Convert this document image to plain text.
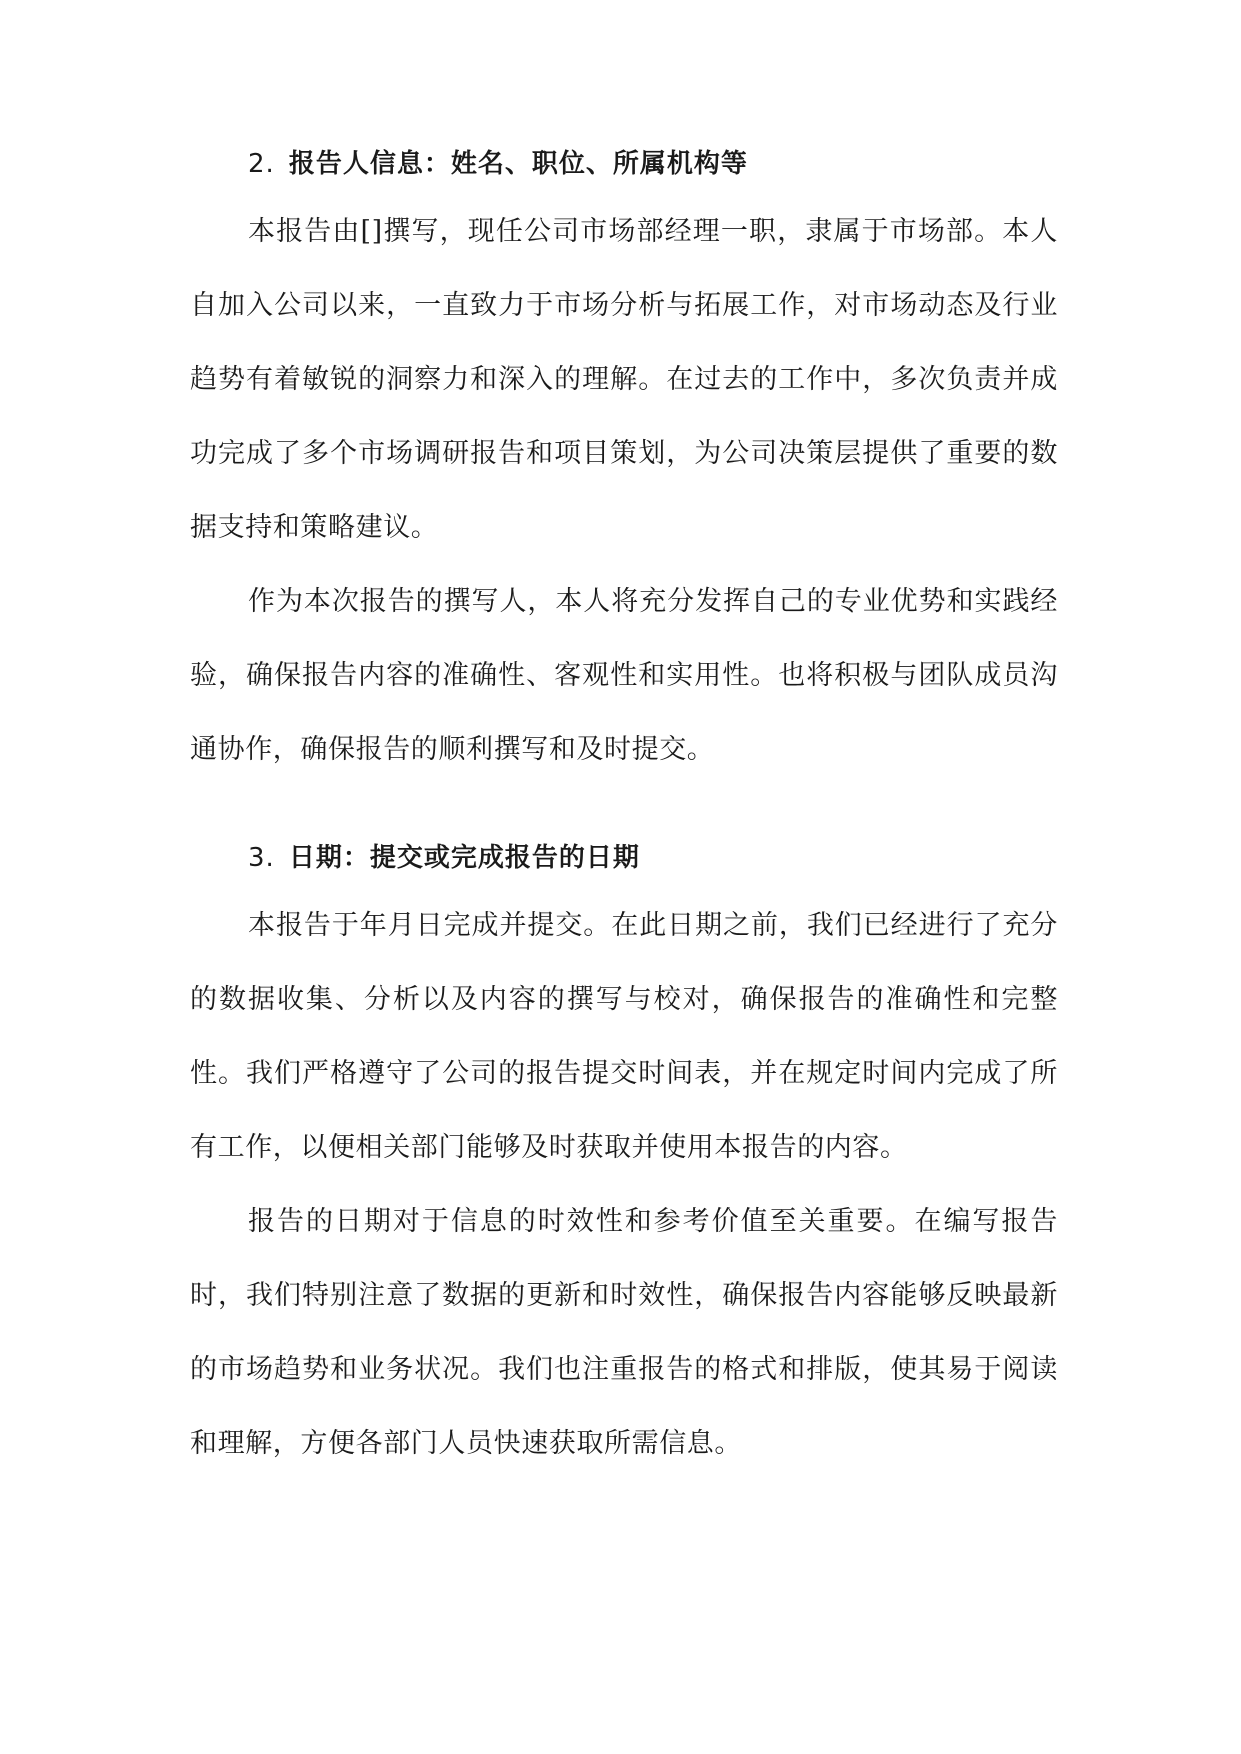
2. 报告人信息：姓名、职位、所属机构等

本报告由[]撰写，现任公司市场部经理一职，隶属于市场部。本人自加入公司以来，一直致力于市场分析与拓展工作，对市场动态及行业趋势有着敏锐的洞察力和深入的理解。在过去的工作中，多次负责并成功完成了多个市场调研报告和项目策划，为公司决策层提供了重要的数据支持和策略建议。

作为本次报告的撰写人，本人将充分发挥自己的专业优势和实践经验，确保报告内容的准确性、客观性和实用性。也将积极与团队成员沟通协作，确保报告的顺利撰写和及时提交。

3. 日期：提交或完成报告的日期

本报告于年月日完成并提交。在此日期之前，我们已经进行了充分的数据收集、分析以及内容的撰写与校对，确保报告的准确性和完整性。我们严格遵守了公司的报告提交时间表，并在规定时间内完成了所有工作，以便相关部门能够及时获取并使用本报告的内容。

报告的日期对于信息的时效性和参考价值至关重要。在编写报告时，我们特别注意了数据的更新和时效性，确保报告内容能够反映最新的市场趋势和业务状况。我们也注重报告的格式和排版，使其易于阅读和理解，方便各部门人员快速获取所需信息。
